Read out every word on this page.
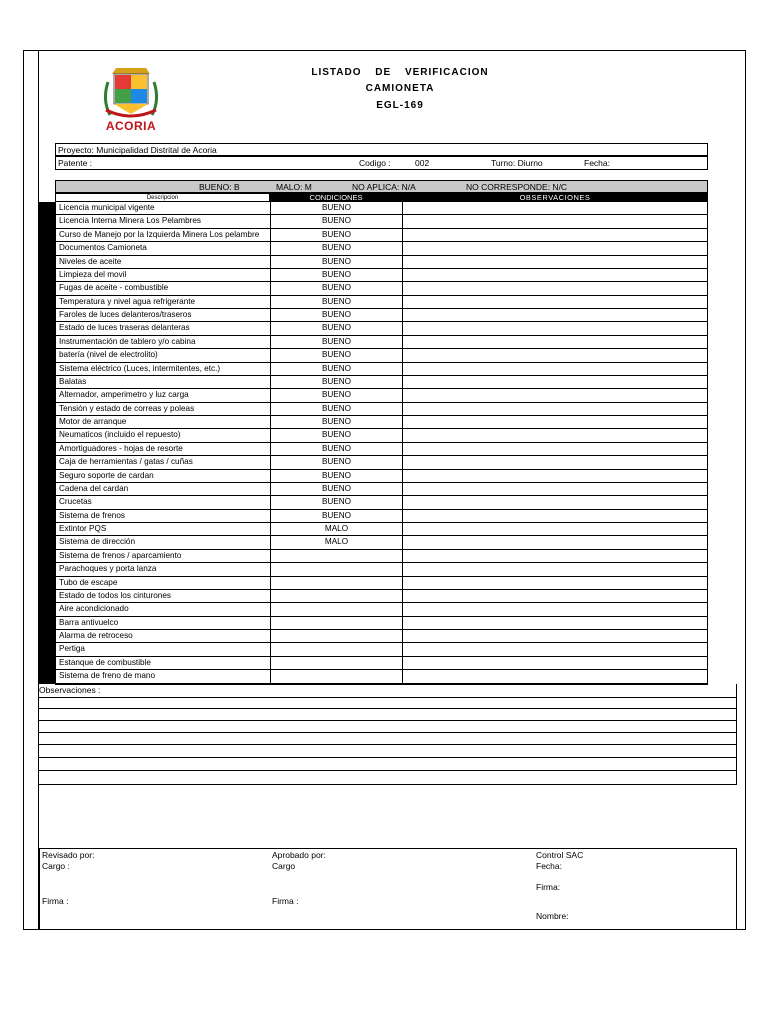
ACORIA
LISTADO DE VERIFICACION
CAMIONETA
EGL-169
Proyecto: Municipalidad Distrital de Acoria
Patente :	Codigo :	002	Turno: Diurno	Fecha:
BUENO: B	MALO: M	NO APLICA: N/A	NO CORRESPONDE: N/C
Descripcion	CONDICIONES	OBSERVACIONES
Licencia municipal vigente	BUENO
Licencia Interna Minera Los Pelambres	BUENO
Curso de Manejo por la Izquierda Minera Los pelambre	BUENO
Documentos Camioneta	BUENO
Niveles de aceite	BUENO
Limpieza del movil	BUENO
Fugas de aceite - combustible	BUENO
Temperatura y nivel agua refrigerante	BUENO
Faroles de luces delanteros/traseros	BUENO
Estado de luces traseras delanteras	BUENO
Instrumentación de tablero y/o cabina	BUENO
batería (nivel de electrolito)	BUENO
Sistema eléctrico (Luces, intermitentes, etc.)	BUENO
Balatas	BUENO
Alternador, amperimetro y luz carga	BUENO
Tensión y estado de correas y poleas	BUENO
Motor de arranque	BUENO
Neumaticos (incluido el repuesto)	BUENO
Amortiguadores - hojas de resorte	BUENO
Caja de herramientas / gatas / cuñas	BUENO
Seguro soporte de cardan	BUENO
Cadena del cardan	BUENO
Crucetas	BUENO
Sistema de frenos	BUENO
Extintor PQS	MALO
Sistema de dirección	MALO
Sistema de frenos / aparcamiento
Parachoques y porta lanza
Tubo de escape
Estado de todos los cinturones
Aire acondicionado
Barra antivuelco
Alarma de retroceso
Pertiga
Estanque de combustible
Sistema de freno de mano
Observaciones :
Revisado por:
Cargo :
Firma :
Aprobado por:
Cargo
Firma :
Control SAC
Fecha:
Firma:
Nombre:
